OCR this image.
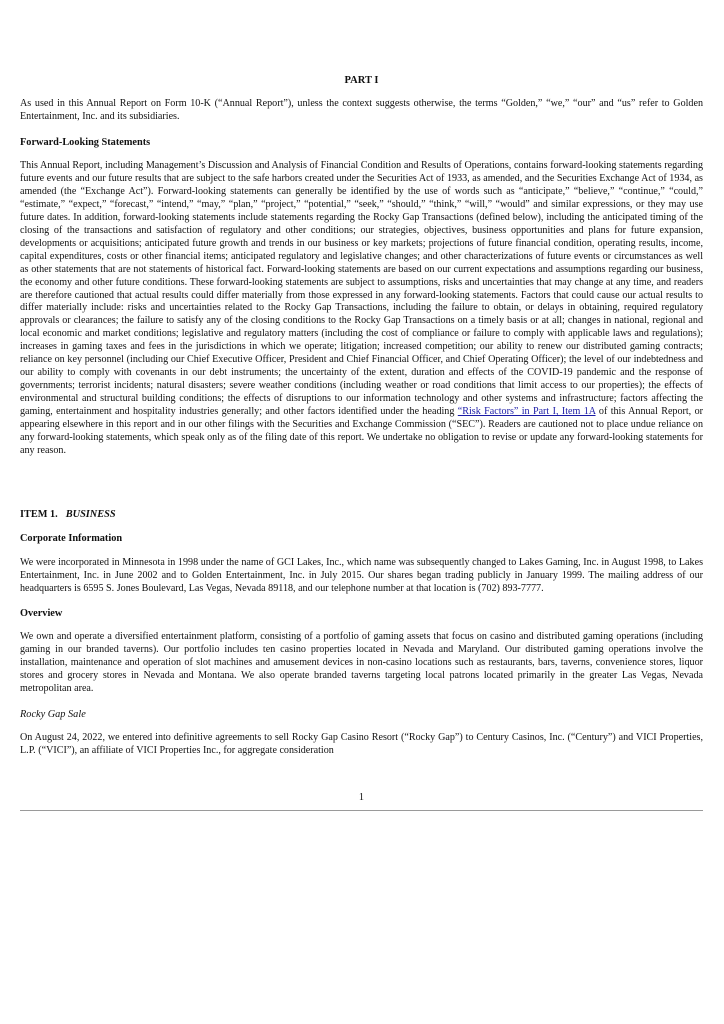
PART I

As used in this Annual Report on Form 10-K (“Annual Report”), unless the context suggests otherwise, the terms “Golden,” “we,” “our” and “us” refer to Golden Entertainment, Inc. and its subsidiaries.

Forward-Looking Statements

This Annual Report, including Management’s Discussion and Analysis of Financial Condition and Results of Operations, contains forward-looking statements regarding future events and our future results that are subject to the safe harbors created under the Securities Act of 1933, as amended, and the Securities Exchange Act of 1934, as amended (the “Exchange Act”). Forward-looking statements can generally be identified by the use of words such as “anticipate,” “believe,” “continue,” “could,” “estimate,” “expect,” “forecast,” “intend,” “may,” “plan,” “project,” “potential,” “seek,” “should,” “think,” “will,” “would” and similar expressions, or they may use future dates. In addition, forward-looking statements include statements regarding the Rocky Gap Transactions (defined below), including the anticipated timing of the closing of the transactions and satisfaction of regulatory and other conditions; our strategies, objectives, business opportunities and plans for future expansion, developments or acquisitions; anticipated future growth and trends in our business or key markets; projections of future financial condition, operating results, income, capital expenditures, costs or other financial items; anticipated regulatory and legislative changes; and other characterizations of future events or circumstances as well as other statements that are not statements of historical fact. Forward-looking statements are based on our current expectations and assumptions regarding our business, the economy and other future conditions. These forward-looking statements are subject to assumptions, risks and uncertainties that may change at any time, and readers are therefore cautioned that actual results could differ materially from those expressed in any forward-looking statements. Factors that could cause our actual results to differ materially include: risks and uncertainties related to the Rocky Gap Transactions, including the failure to obtain, or delays in obtaining, required regulatory approvals or clearances; the failure to satisfy any of the closing conditions to the Rocky Gap Transactions on a timely basis or at all; changes in national, regional and local economic and market conditions; legislative and regulatory matters (including the cost of compliance or failure to comply with applicable laws and regulations); increases in gaming taxes and fees in the jurisdictions in which we operate; litigation; increased competition; our ability to renew our distributed gaming contracts; reliance on key personnel (including our Chief Executive Officer, President and Chief Financial Officer, and Chief Operating Officer); the level of our indebtedness and our ability to comply with covenants in our debt instruments; the uncertainty of the extent, duration and effects of the COVID-19 pandemic and the response of governments; terrorist incidents; natural disasters; severe weather conditions (including weather or road conditions that limit access to our properties); the effects of environmental and structural building conditions; the effects of disruptions to our information technology and other systems and infrastructure; factors affecting the gaming, entertainment and hospitality industries generally; and other factors identified under the heading “Risk Factors” in Part I, Item 1A of this Annual Report, or appearing elsewhere in this report and in our other filings with the Securities and Exchange Commission (“SEC”). Readers are cautioned not to place undue reliance on any forward-looking statements, which speak only as of the filing date of this report. We undertake no obligation to revise or update any forward-looking statements for any reason.

ITEM 1. BUSINESS

Corporate Information

We were incorporated in Minnesota in 1998 under the name of GCI Lakes, Inc., which name was subsequently changed to Lakes Gaming, Inc. in August 1998, to Lakes Entertainment, Inc. in June 2002 and to Golden Entertainment, Inc. in July 2015. Our shares began trading publicly in January 1999. The mailing address of our headquarters is 6595 S. Jones Boulevard, Las Vegas, Nevada 89118, and our telephone number at that location is (702) 893-7777.

Overview

We own and operate a diversified entertainment platform, consisting of a portfolio of gaming assets that focus on casino and distributed gaming operations (including gaming in our branded taverns). Our portfolio includes ten casino properties located in Nevada and Maryland. Our distributed gaming operations involve the installation, maintenance and operation of slot machines and amusement devices in non-casino locations such as restaurants, bars, taverns, convenience stores, liquor stores and grocery stores in Nevada and Montana. We also operate branded taverns targeting local patrons located primarily in the greater Las Vegas, Nevada metropolitan area.

Rocky Gap Sale

On August 24, 2022, we entered into definitive agreements to sell Rocky Gap Casino Resort (“Rocky Gap”) to Century Casinos, Inc. (“Century”) and VICI Properties, L.P. (“VICI”), an affiliate of VICI Properties Inc., for aggregate consideration

1
